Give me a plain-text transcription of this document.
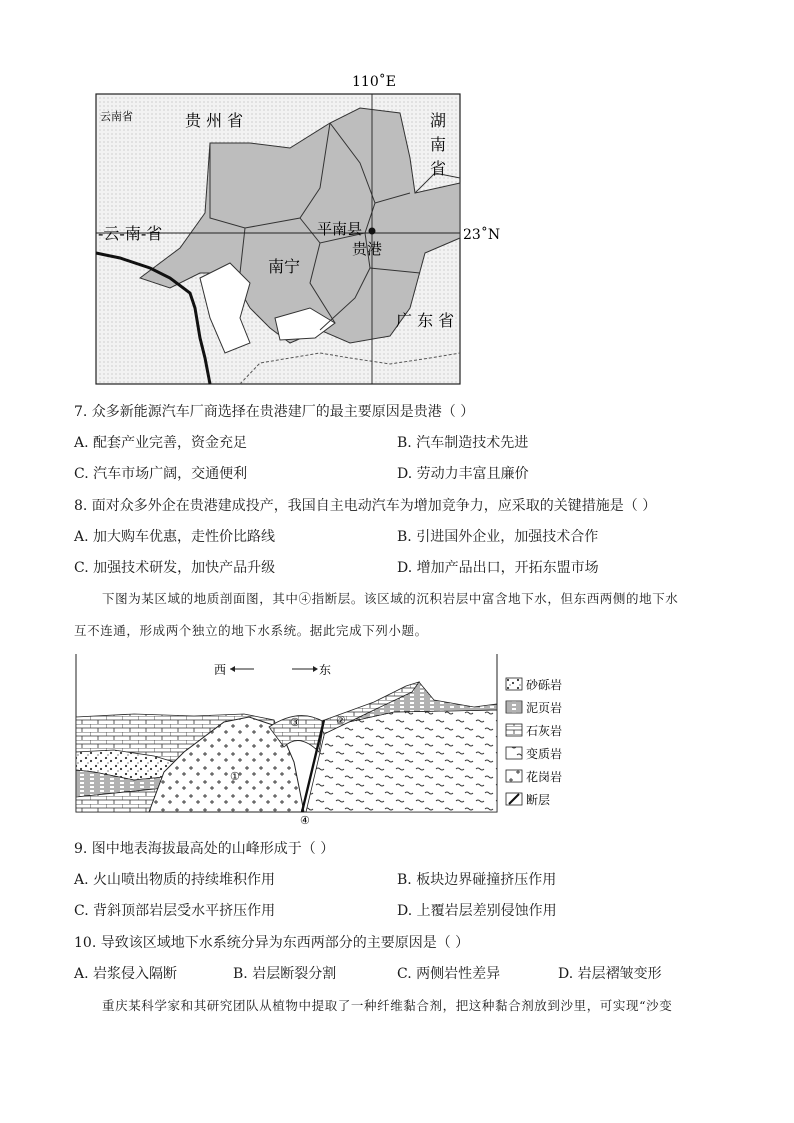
110˚E
23˚N
云南省	贵 州 省	湖
南
省
-云-南-省	平南县
贵港
南宁
广 东 省
7. 众多新能源汽车厂商选择在贵港建厂的最主要原因是贵港（ ）
A. 配套产业完善，资金充足	B. 汽车制造技术先进
C. 汽车市场广阔，交通便利	D. 劳动力丰富且廉价
8. 面对众多外企在贵港建成投产，我国自主电动汽车为增加竞争力，应采取的关键措施是（ ）
A. 加大购车优惠，走性价比路线	B. 引进国外企业，加强技术合作
C. 加强技术研发，加快产品升级	D. 增加产品出口，开拓东盟市场
下图为某区域的地质剖面图，其中④指断层。该区域的沉积岩层中富含地下水，但东西两侧的地下水
互不连通，形成两个独立的地下水系统。据此完成下列小题。
西	东
①
②
③
④
砂砾岩
泥页岩
石灰岩
变质岩
花岗岩
断层
9. 图中地表海拔最高处的山峰形成于（ ）
A. 火山喷出物质的持续堆积作用	B. 板块边界碰撞挤压作用
C. 背斜顶部岩层受水平挤压作用	D. 上覆岩层差别侵蚀作用
10. 导致该区域地下水系统分异为东西两部分的主要原因是（ ）
A. 岩浆侵入隔断	B. 岩层断裂分割	C. 两侧岩性差异	D. 岩层褶皱变形
重庆某科学家和其研究团队从植物中提取了一种纤维黏合剂，把这种黏合剂放到沙里，可实现“沙变
